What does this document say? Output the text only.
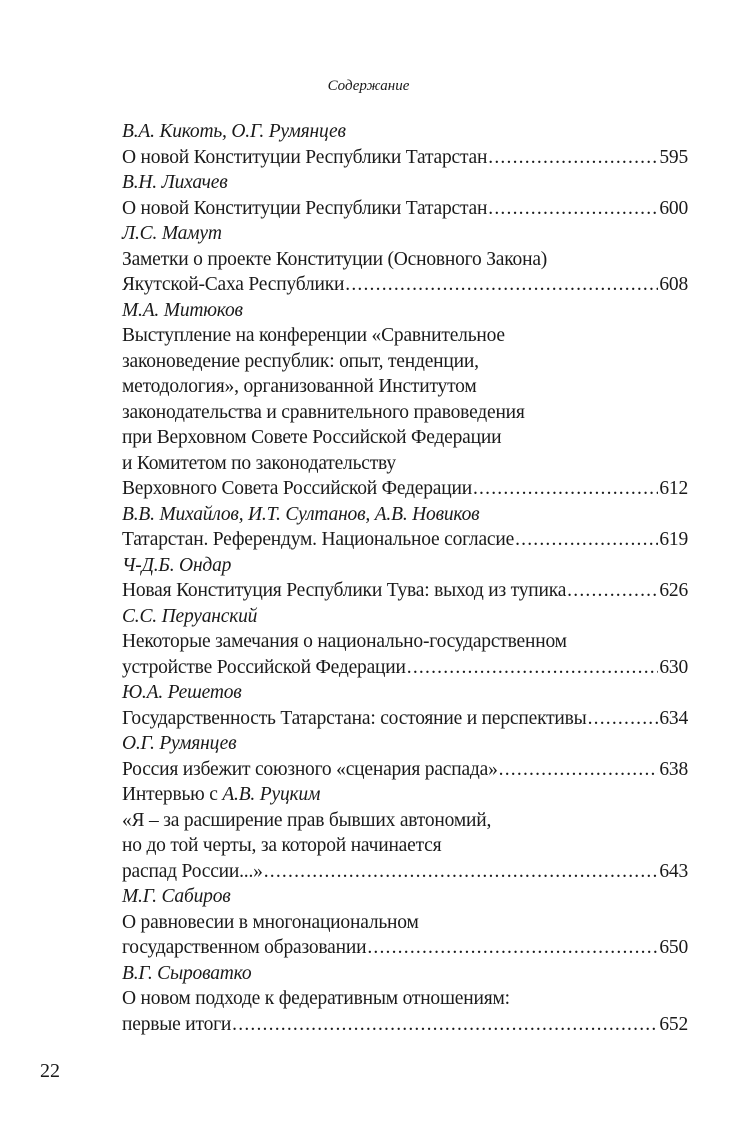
Содержание
В.А. Кикоть, О.Г. Румянцев
О новой Конституции Республики Татарстан .....	595
В.Н. Лихачев
О новой Конституции Республики Татарстан .....	600
Л.С. Мамут
Заметки о проекте Конституции (Основного Закона)
Якутской-Саха Республики .....	608
М.А. Митюков
Выступление на конференции «Сравнительное
законоведение республик: опыт, тенденции,
методология», организованной Институтом
законодательства и сравнительного правоведения
при Верховном Совете Российской Федерации
и Комитетом по законодательству
Верховного Совета Российской Федерации .....	612
В.В. Михайлов, И.Т. Султанов, А.В. Новиков
Татарстан. Референдум. Национальное согласие .....	619
Ч-Д.Б. Ондар
Новая Конституция Республики Тува: выход из тупика .....	626
С.С. Перуанский
Некоторые замечания о национально-государственном
устройстве Российской Федерации .....	630
Ю.А. Решетов
Государственность Татарстана: состояние и перспективы .....	634
О.Г. Румянцев
Россия избежит союзного «сценария распада» .....	638
Интервью с А.В. Руцким
«Я – за расширение прав бывших автономий,
но до той черты, за которой начинается
распад России...» .....	643
М.Г. Сабиров
О равновесии в многонациональном
государственном образовании .....	650
В.Г. Сыроватко
О новом подходе к федеративным отношениям:
первые итоги .....	652
22
